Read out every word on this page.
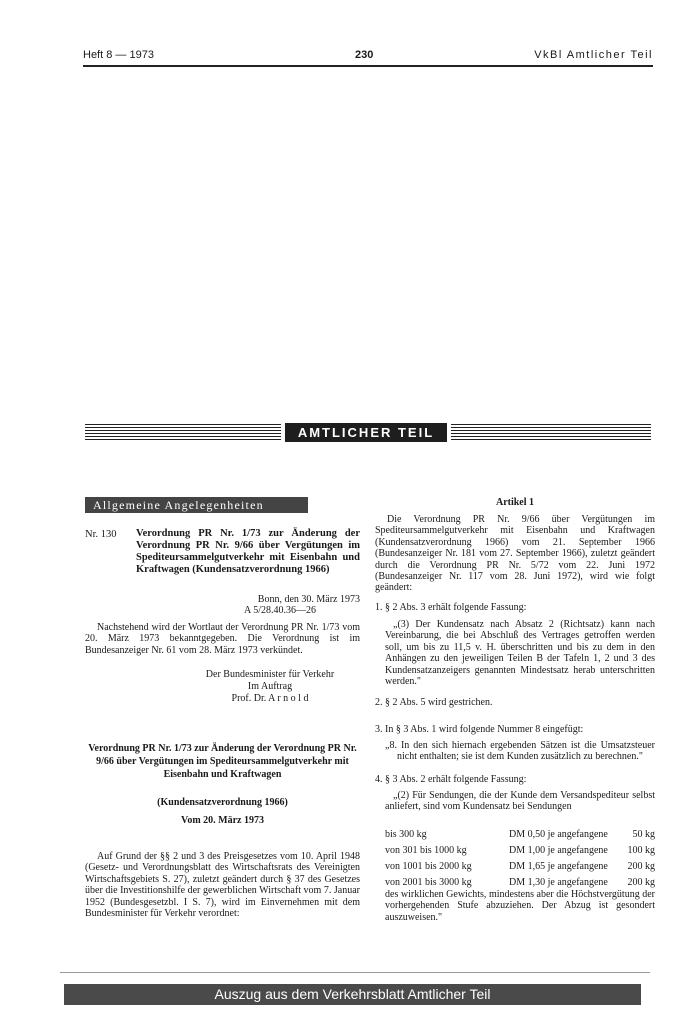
Heft 8 — 1973	230	VkBl Amtlicher Teil
AMTLICHER TEIL
Allgemeine Angelegenheiten
Nr. 130 Verordnung PR Nr. 1/73 zur Änderung der Verordnung PR Nr. 9/66 über Vergütungen im Spediteursammelgutverkehr mit Eisenbahn und Kraftwagen (Kundensatzverordnung 1966)
Bonn, den 30. März 1973
A 5/28.40.36—26
Nachstehend wird der Wortlaut der Verordnung PR Nr. 1/73 vom 20. März 1973 bekanntgegeben. Die Verordnung ist im Bundesanzeiger Nr. 61 vom 28. März 1973 verkündet.
Der Bundesminister für Verkehr
Im Auftrag
Prof. Dr. A r n o l d
Verordnung PR Nr. 1/73 zur Änderung der Verordnung PR Nr. 9/66 über Vergütungen im Spediteursammelgutverkehr mit Eisenbahn und Kraftwagen
(Kundensatzverordnung 1966)
Vom 20. März 1973
Auf Grund der §§ 2 und 3 des Preisgesetzes vom 10. April 1948 (Gesetz- und Verordnungsblatt des Wirtschaftsrats des Vereinigten Wirtschaftsgebiets S. 27), zuletzt geändert durch § 37 des Gesetzes über die Investitionshilfe der gewerblichen Wirtschaft vom 7. Januar 1952 (Bundesgesetzbl. I S. 7), wird im Einvernehmen mit dem Bundesminister für Verkehr verordnet:
Artikel 1
Die Verordnung PR Nr. 9/66 über Vergütungen im Spediteursammelgutverkehr mit Eisenbahn und Kraftwagen (Kundensatzverordnung 1966) vom 21. September 1966 (Bundesanzeiger Nr. 181 vom 27. September 1966), zuletzt geändert durch die Verordnung PR Nr. 5/72 vom 22. Juni 1972 (Bundesanzeiger Nr. 117 vom 28. Juni 1972), wird wie folgt geändert:
1. § 2 Abs. 3 erhält folgende Fassung:
„(3) Der Kundensatz nach Absatz 2 (Richtsatz) kann nach Vereinbarung, die bei Abschluß des Vertrages getroffen werden soll, um bis zu 11,5 v. H. überschritten und bis zu dem in den Anhängen zu den jeweiligen Teilen B der Tafeln 1, 2 und 3 des Kundensatzanzeigers genannten Mindestsatz herab unterschritten werden."
2. § 2 Abs. 5 wird gestrichen.
3. In § 3 Abs. 1 wird folgende Nummer 8 eingefügt:
„8. In den sich hiernach ergebenden Sätzen ist die Umsatzsteuer nicht enthalten; sie ist dem Kunden zusätzlich zu berechnen."
4. § 3 Abs. 2 erhält folgende Fassung:
„(2) Für Sendungen, die der Kunde dem Versandspediteur selbst anliefert, sind vom Kundensatz bei Sendungen
bis 300 kg	DM 0,50 je angefangene 50 kg
von 301 bis 1000 kg	DM 1,00 je angefangene 100 kg
von 1001 bis 2000 kg	DM 1,65 je angefangene 200 kg
von 2001 bis 3000 kg	DM 1,30 je angefangene 200 kg
des wirklichen Gewichts, mindestens aber die Höchstvergütung der vorhergehenden Stufe abzuziehen. Der Abzug ist gesondert auszuweisen."
Auszug aus dem Verkehrsblatt Amtlicher Teil
